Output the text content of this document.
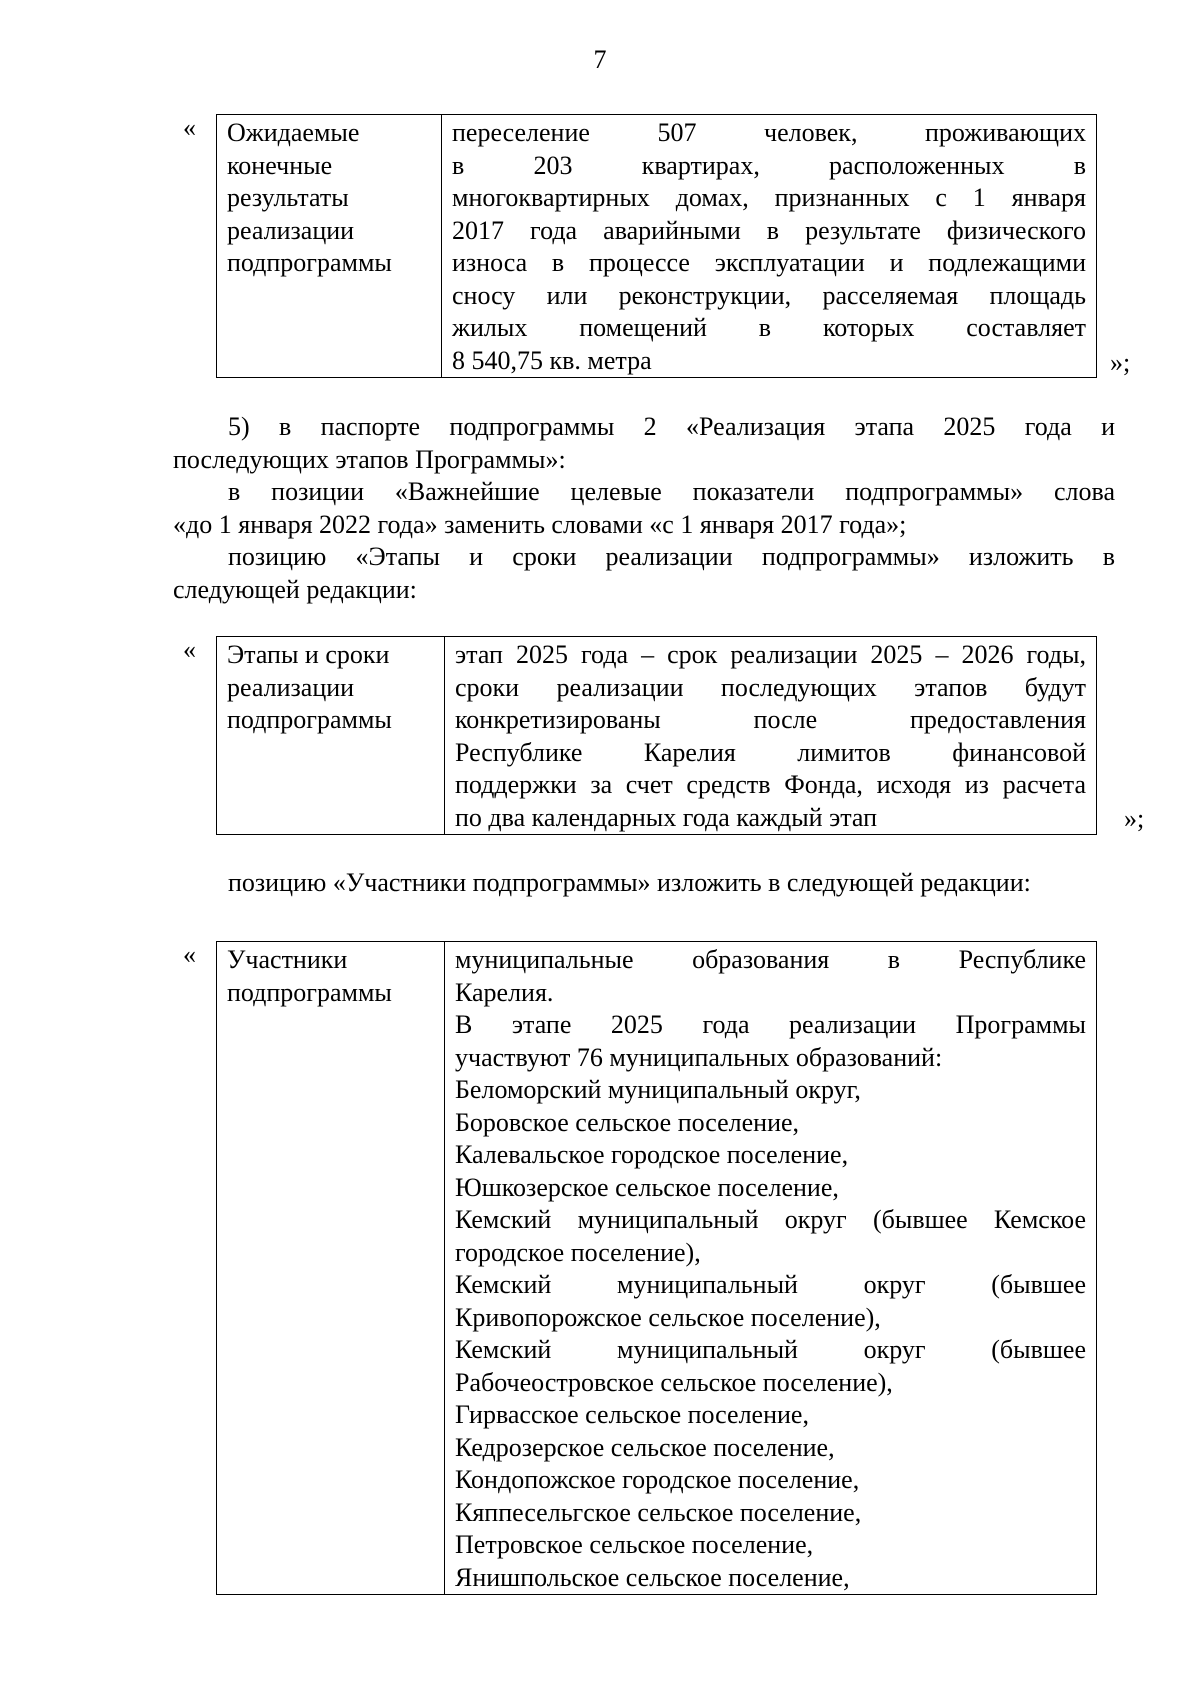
7
« Ожидаемые
конечные
результаты
реализации
подпрограммы

переселение 507 человек, проживающих
в 203 квартирах, расположенных в
многоквартирных домах, признанных с 1 января
2017 года аварийными в результате физического
износа в процессе эксплуатации и подлежащими
сносу или реконструкции, расселяемая площадь
жилых помещений в которых составляет
8 540,75 кв. метра	»;

5) в паспорте подпрограммы 2 «Реализация этапа 2025 года и
последующих этапов Программы»:

в позиции «Важнейшие целевые показатели подпрограммы» слова
«до 1 января 2022 года» заменить словами «с 1 января 2017 года»;

позицию «Этапы и сроки реализации подпрограммы» изложить в
следующей редакции:

« Этапы и сроки
реализации
подпрограммы

этап 2025 года – срок реализации 2025 – 2026 годы,
сроки реализации последующих этапов будут
конкретизированы после предоставления
Республике Карелия лимитов финансовой
поддержки за счет средств Фонда, исходя из расчета
по два календарных года каждый этап	»;

позицию «Участники подпрограммы» изложить в следующей редакции:

« Участники
подпрограммы

муниципальные образования в Республике
Карелия.
В этапе 2025 года реализации Программы
участвуют 76 муниципальных образований:
Беломорский муниципальный округ,
Боровское сельское поселение,
Калевальское городское поселение,
Юшкозерское сельское поселение,
Кемский муниципальный округ (бывшее Кемское
городское поселение),
Кемский муниципальный округ (бывшее
Кривопорожское сельское поселение),
Кемский муниципальный округ (бывшее
Рабочеостровское сельское поселение),
Гирвасское сельское поселение,
Кедрозерское сельское поселение,
Кондопожское городское поселение,
Кяппесельгское сельское поселение,
Петровское сельское поселение,
Янишпольское сельское поселение,
